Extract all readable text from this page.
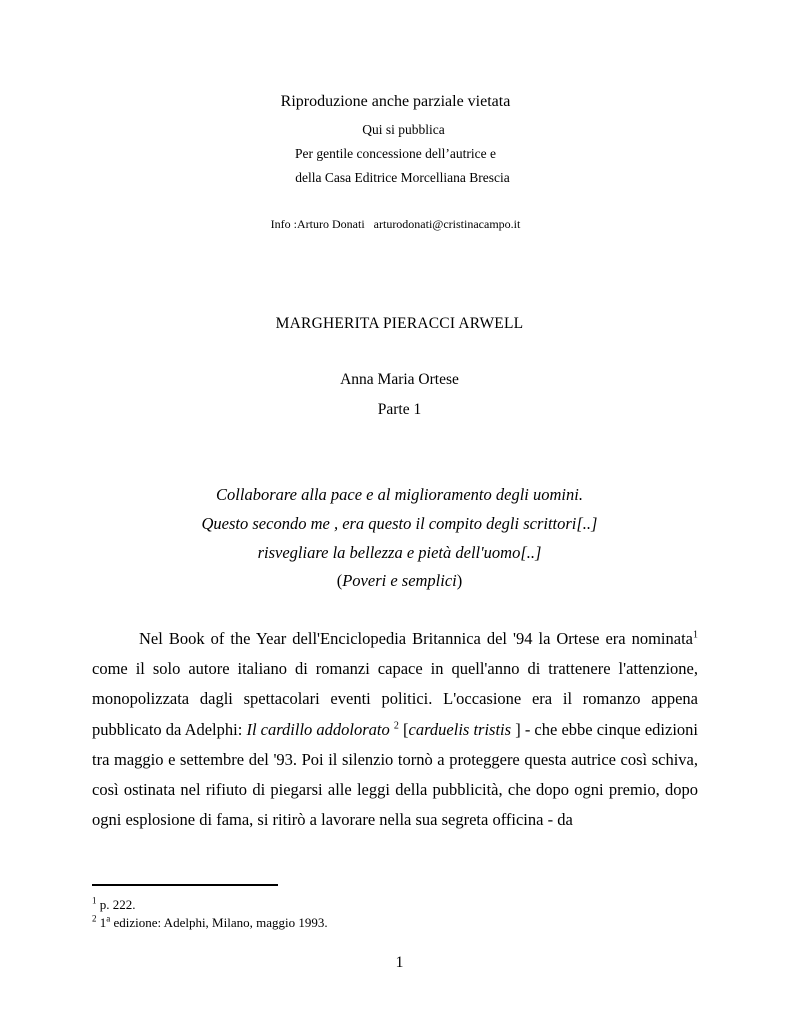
Riproduzione anche parziale vietata
Qui si pubblica
Per gentile concessione dell’autrice e
della Casa Editrice Morcelliana Brescia
Info :Arturo Donati arturodonati@cristinacampo.it
MARGHERITA PIERACCI ARWELL
Anna Maria Ortese
Parte 1
Collaborare alla pace e al miglioramento degli uomini.
Questo secondo me , era questo il compito degli scrittori[..]
risvegliare la bellezza e pietà dell'uomo[..]
(Poveri e semplici)
Nel Book of the Year dell'Enciclopedia Britannica del '94 la Ortese era nominata$^1$ come il solo autore italiano di romanzi capace in quell'anno di trattenere l'attenzione, monopolizzata dagli spettacolari eventi politici. L'occasione era il romanzo appena pubblicato da Adelphi: Il cardillo addolorato $^2$ [carduelis tristis ] - che ebbe cinque edizioni tra maggio e settembre del '93. Poi il silenzio tornò a proteggere questa autrice così schiva, così ostinata nel rifiuto di piegarsi alle leggi della pubblicità, che dopo ogni premio, dopo ogni esplosione di fama, si ritirò a lavorare nella sua segreta officina - da
$^1$ p. 222.
$^2$ 1$^a$ edizione: Adelphi, Milano, maggio 1993.
1
